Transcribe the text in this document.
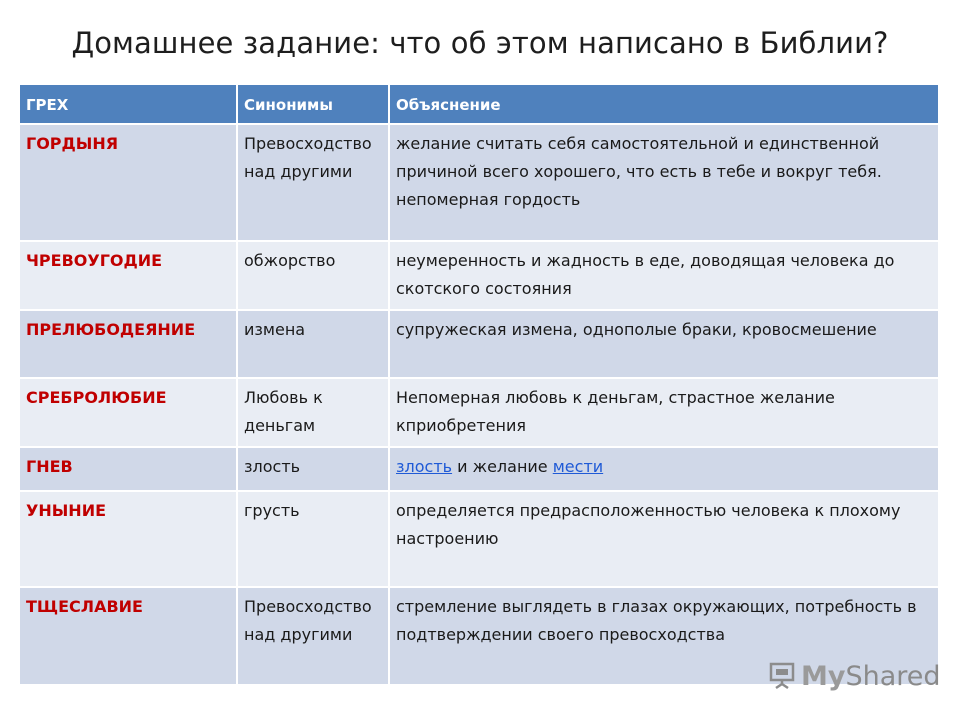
Домашнее задание: что об этом написано в Библии?
ГРЕХ	Синонимы	Объяснение
ГОРДЫНЯ	Превосходство над другими	желание считать себя самостоятельной и единственной причиной всего хорошего, что есть в тебе и вокруг тебя. непомерная гордость
ЧРЕВОУГОДИЕ	обжорство	неумеренность и жадность в еде, доводящая человека до скотского состояния
ПРЕЛЮБОДЕЯНИЕ	измена	супружеская измена, однополые браки, кровосмешение
СРЕБРОЛЮБИЕ	Любовь к деньгам	Непомерная любовь к деньгам, страстное желание кприобретения
ГНЕВ	злость	злость и желание мести
УНЫНИЕ	грусть	определяется предрасположенностью человека к плохому настроению
ТЩЕСЛАВИЕ	Превосходство над другими	стремление выглядеть в глазах окружающих, потребность в подтверждении своего превосходства
MyShared
